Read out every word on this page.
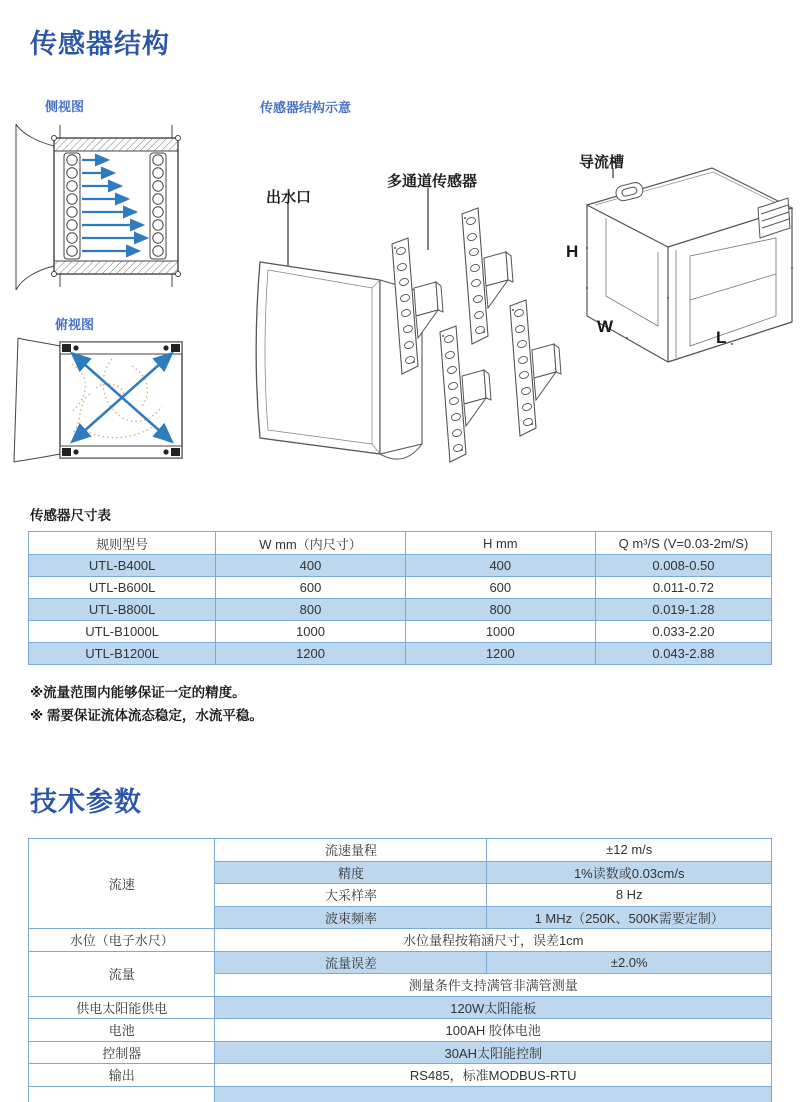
传感器结构
侧视图	传感器结构示意
俯视图
出水口
多通道传感器
导流槽
H
W
L
传感器尺寸表
规则型号	W mm（内尺寸）	H mm	Q m³/S (V=0.03-2m/S)
UTL-B400L	400	400	0.008-0.50
UTL-B600L	600	600	0.011-0.72
UTL-B800L	800	800	0.019-1.28
UTL-B1000L	1000	1000	0.033-2.20
UTL-B1200L	1200	1200	0.043-2.88
※流量范围内能够保证一定的精度。
※ 需要保证流体流态稳定，水流平稳。
技术参数
流速	流速量程	±12 m/s
	精度	1%读数或0.03cm/s
	大采样率	8 Hz
	波束频率	1 MHz（250K、500K需要定制）
水位（电子水尺）	水位量程按箱涵尺寸，误差1cm	
流量	流量误差	±2.0%
	测量条件支持满管非满管测量	
供电太阳能供电	120W太阳能板	
电池	100AH 胶体电池	
控制器	30AH太阳能控制	
输出	RS485，标准MODBUS-RTU	
